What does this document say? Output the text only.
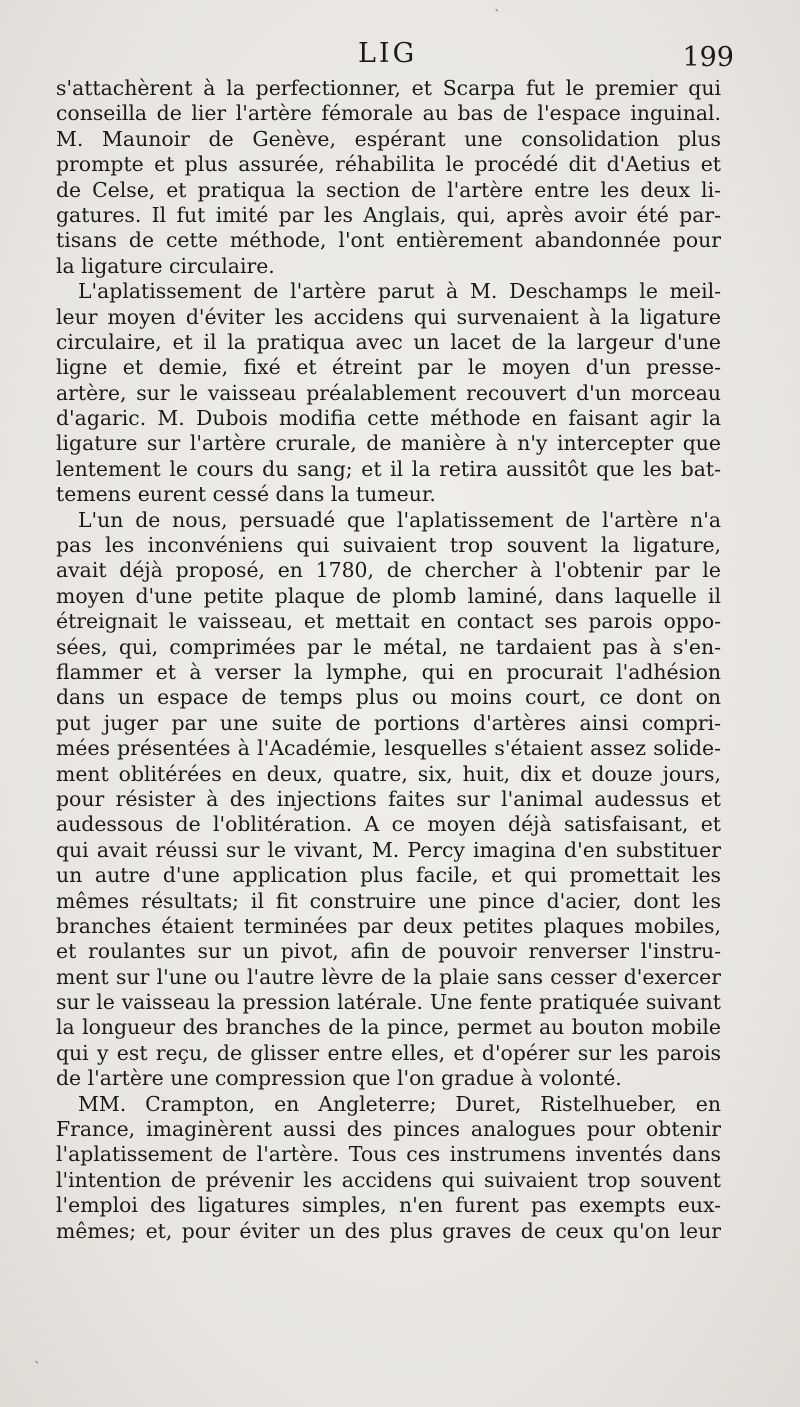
LIG	199
s'attachèrent à la perfectionner, et Scarpa fut le premier qui
conseilla de lier l'artère fémorale au bas de l'espace inguinal.
M. Maunoir de Genève, espérant une consolidation plus
prompte et plus assurée, réhabilita le procédé dit d'Aetius et
de Celse, et pratiqua la section de l'artère entre les deux li-
gatures. Il fut imité par les Anglais, qui, après avoir été par-
tisans de cette méthode, l'ont entièrement abandonnée pour
la ligature circulaire.
L'aplatissement de l'artère parut à M. Deschamps le meil-
leur moyen d'éviter les accidens qui survenaient à la ligature
circulaire, et il la pratiqua avec un lacet de la largeur d'une
ligne et demie, fixé et étreint par le moyen d'un presse-
artère, sur le vaisseau préalablement recouvert d'un morceau
d'agaric. M. Dubois modifia cette méthode en faisant agir la
ligature sur l'artère crurale, de manière à n'y intercepter que
lentement le cours du sang; et il la retira aussitôt que les bat-
temens eurent cessé dans la tumeur.
L'un de nous, persuadé que l'aplatissement de l'artère n'a
pas les inconvéniens qui suivaient trop souvent la ligature,
avait déjà proposé, en 1780, de chercher à l'obtenir par le
moyen d'une petite plaque de plomb laminé, dans laquelle il
étreignait le vaisseau, et mettait en contact ses parois oppo-
sées, qui, comprimées par le métal, ne tardaient pas à s'en-
flammer et à verser la lymphe, qui en procurait l'adhésion
dans un espace de temps plus ou moins court, ce dont on
put juger par une suite de portions d'artères ainsi compri-
mées présentées à l'Académie, lesquelles s'étaient assez solide-
ment oblitérées en deux, quatre, six, huit, dix et douze jours,
pour résister à des injections faites sur l'animal audessus et
audessous de l'oblitération. A ce moyen déjà satisfaisant, et
qui avait réussi sur le vivant, M. Percy imagina d'en substituer
un autre d'une application plus facile, et qui promettait les
mêmes résultats; il fit construire une pince d'acier, dont les
branches étaient terminées par deux petites plaques mobiles,
et roulantes sur un pivot, afin de pouvoir renverser l'instru-
ment sur l'une ou l'autre lèvre de la plaie sans cesser d'exercer
sur le vaisseau la pression latérale. Une fente pratiquée suivant
la longueur des branches de la pince, permet au bouton mobile
qui y est reçu, de glisser entre elles, et d'opérer sur les parois
de l'artère une compression que l'on gradue à volonté.
MM. Crampton, en Angleterre; Duret, Ristelhueber, en
France, imaginèrent aussi des pinces analogues pour obtenir
l'aplatissement de l'artère. Tous ces instrumens inventés dans
l'intention de prévenir les accidens qui suivaient trop souvent
l'emploi des ligatures simples, n'en furent pas exempts eux-
mêmes; et, pour éviter un des plus graves de ceux qu'on leur
ˋ
ˋ
